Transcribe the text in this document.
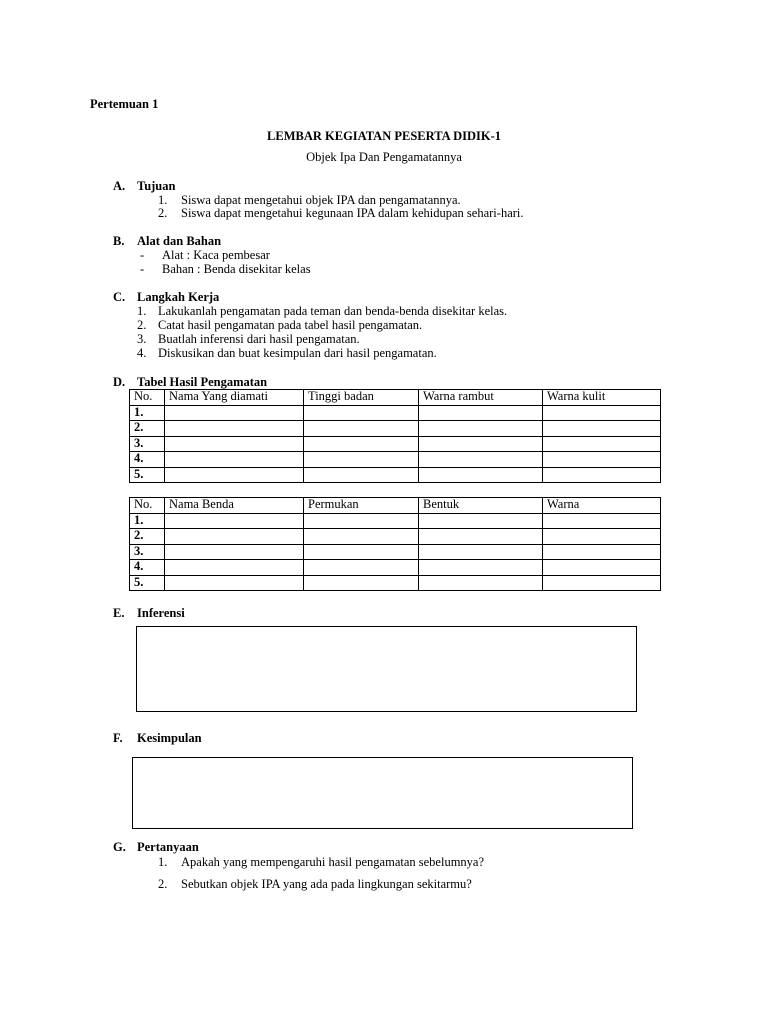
Pertemuan 1
LEMBAR KEGIATAN PESERTA DIDIK-1
Objek Ipa Dan Pengamatannya
A. Tujuan
1. Siswa dapat mengetahui objek IPA dan pengamatannya.
2. Siswa dapat mengetahui kegunaan IPA dalam kehidupan sehari-hari.
B. Alat dan Bahan
- Alat : Kaca pembesar
- Bahan : Benda disekitar kelas
C. Langkah Kerja
1. Lakukanlah pengamatan pada teman dan benda-benda disekitar kelas.
2. Catat hasil pengamatan pada tabel hasil pengamatan.
3. Buatlah inferensi dari hasil pengamatan.
4. Diskusikan dan buat kesimpulan dari hasil pengamatan.
D. Tabel Hasil Pengamatan
No.	Nama Yang diamati	Tinggi badan	Warna rambut	Warna kulit
1.				
2.				
3.				
4.				
5.				
No.	Nama Benda	Permukan	Bentuk	Warna
1.				
2.				
3.				
4.				
5.				
E. Inferensi
F. Kesimpulan
G. Pertanyaan
1. Apakah yang mempengaruhi hasil pengamatan sebelumnya?
2. Sebutkan objek IPA yang ada pada lingkungan sekitarmu?
